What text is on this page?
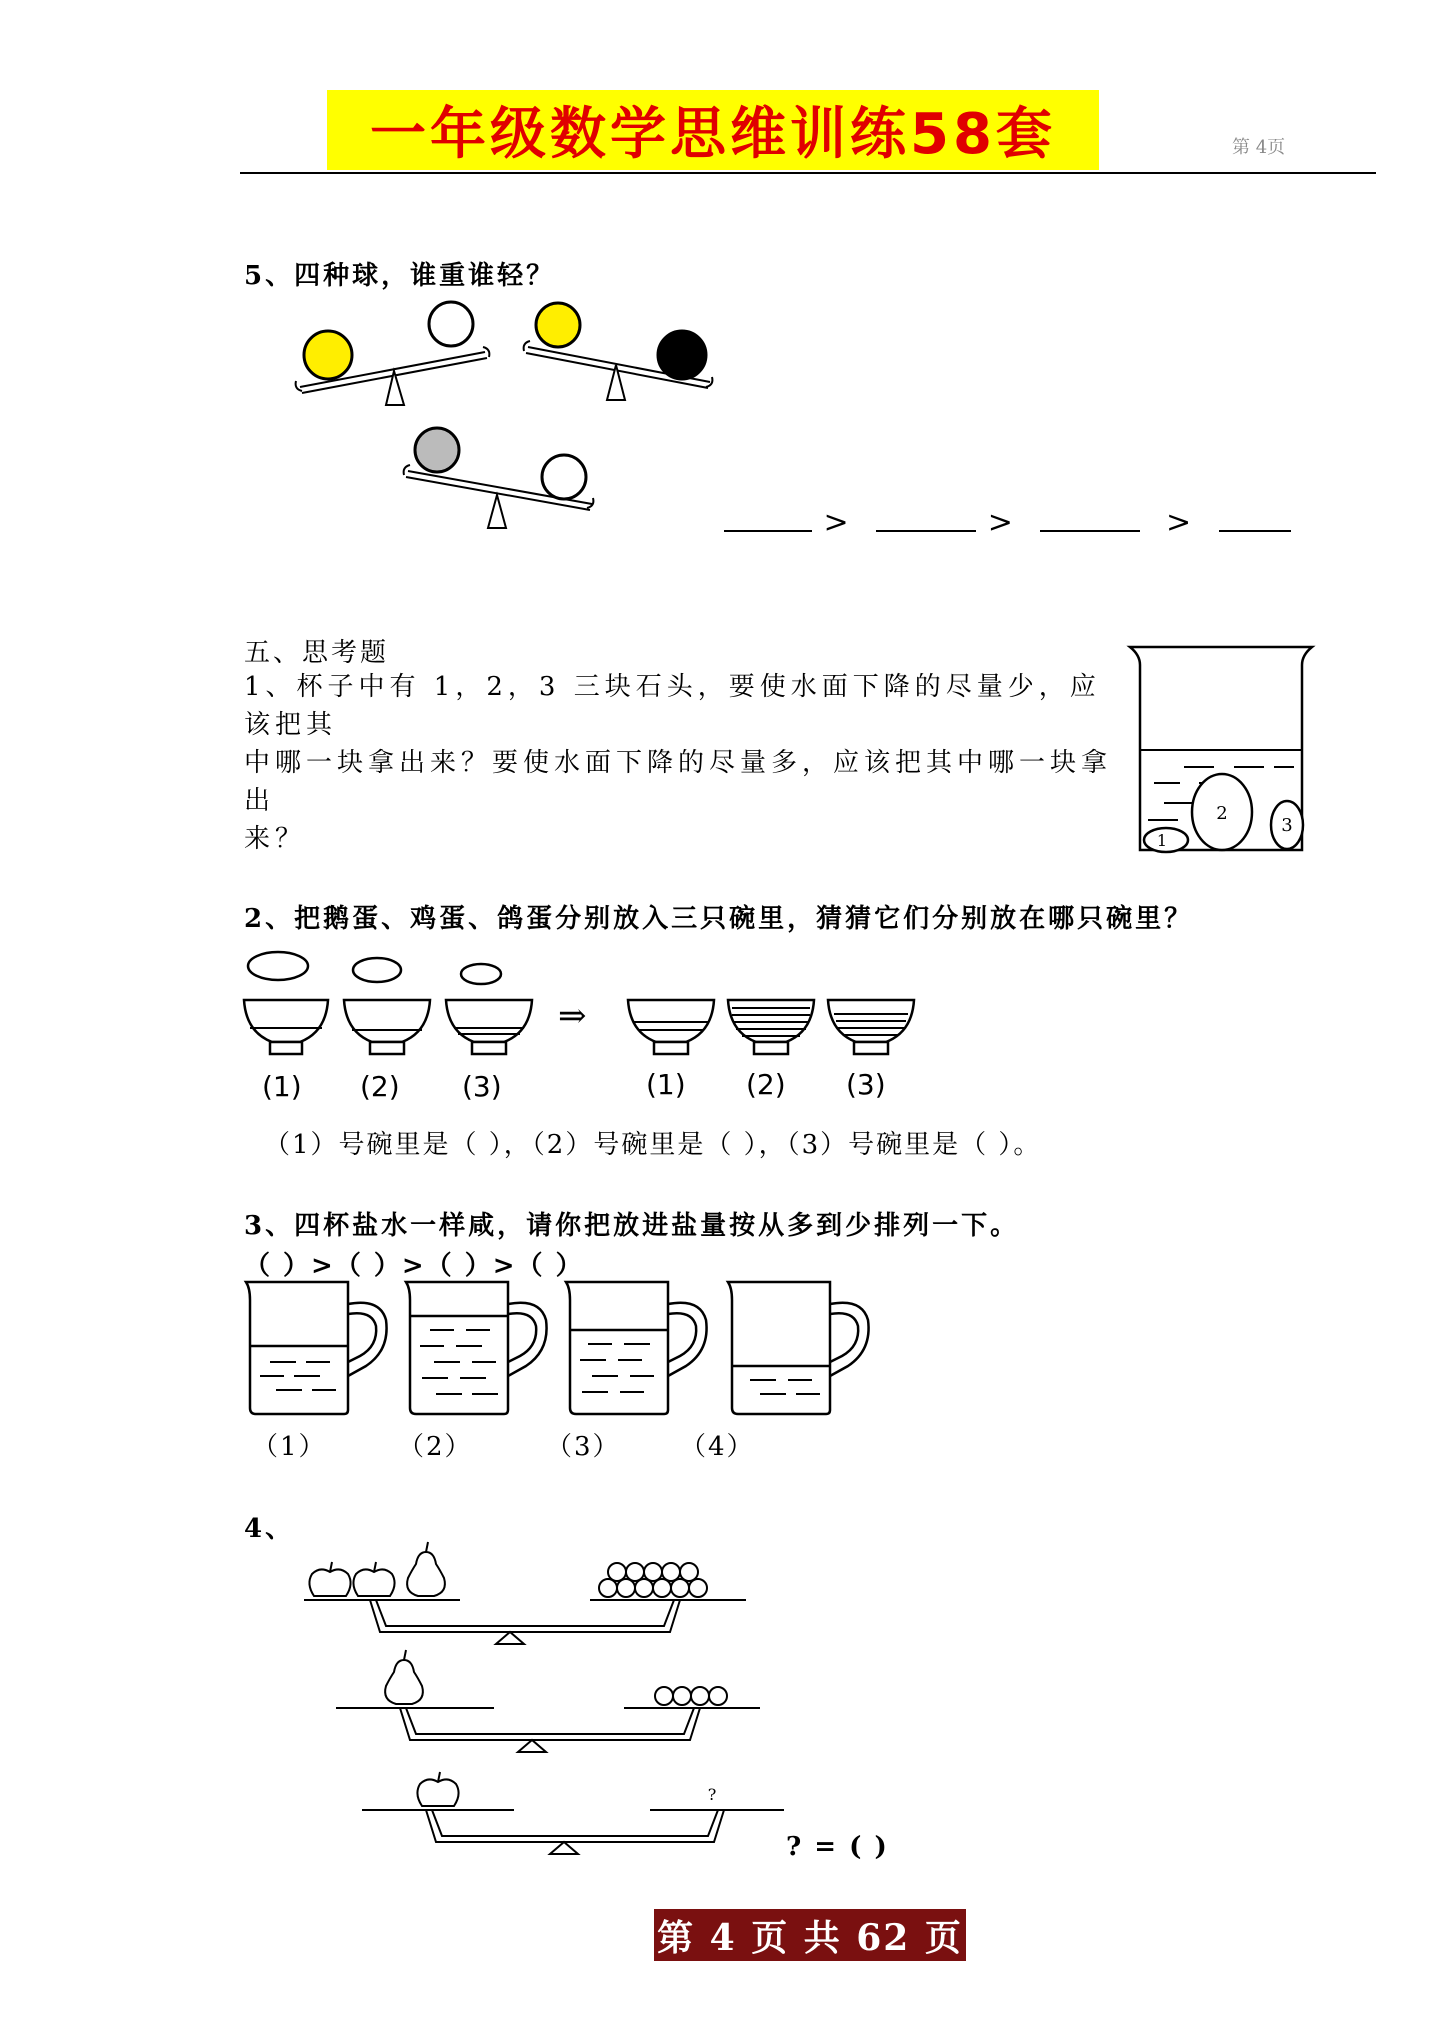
一年级数学思维训练58套	第 4页
5、四种球，谁重谁轻？
>	>	>
五、思考题
1、杯子中有 1，2，3 三块石头，要使水面下降的尽量少，应该把其
中哪一块拿出来？要使水面下降的尽量多，应该把其中哪一块拿出
来？
2
3
1
2、把鹅蛋、鸡蛋、鸽蛋分别放入三只碗里，猜猜它们分别放在哪只碗里？
⇒
(1) (2) (3)	(1) (2) (3)
（1）号碗里是（ ），（2）号碗里是（ ），（3）号碗里是（ ）。
3、四杯盐水一样咸，请你把放进盐量按从多到少排列一下。
（ ）>（ ）>（ ）>（ ）
（1）	（2）	（3） （4）
4、
?
? = ( )
第 4 页 共 62 页
